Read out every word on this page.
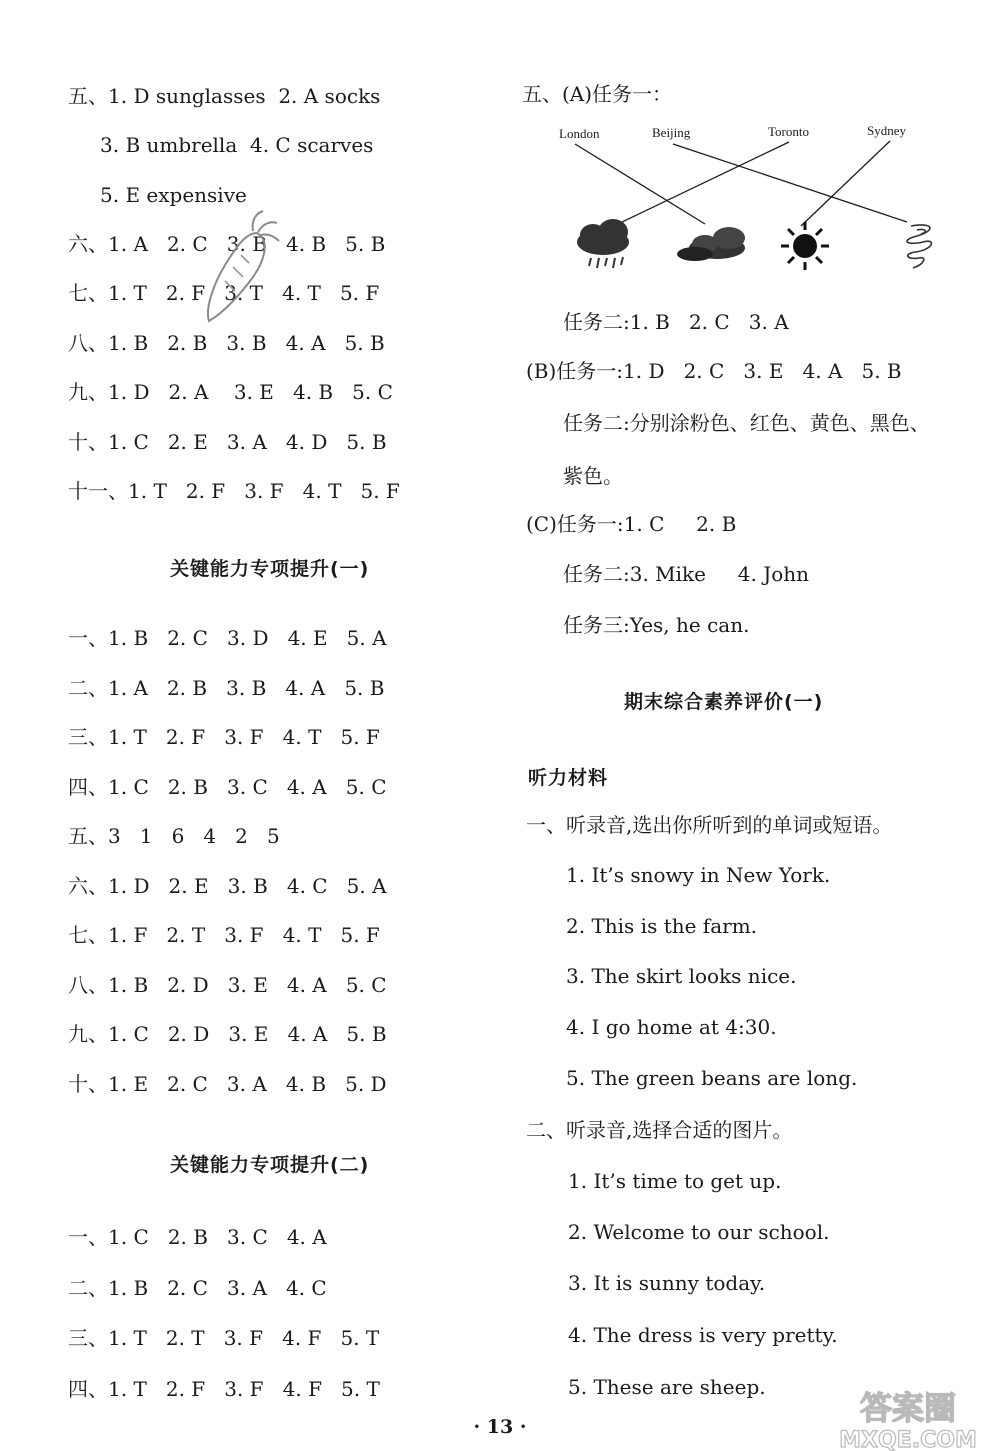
五、1. D sunglasses  2. A socks
3. B umbrella  4. C scarves
5. E expensive
六、1. A   2. C   3. B   4. B   5. B
七、1. T   2. F   3. T   4. T   5. F
八、1. B   2. B   3. B   4. A   5. B
九、1. D   2. A    3. E   4. B   5. C
十、1. C   2. E   3. A   4. D   5. B
十一、1. T   2. F   3. F   4. T   5. F
关键能力专项提升(一)
一、1. B   2. C   3. D   4. E   5. A
二、1. A   2. B   3. B   4. A   5. B
三、1. T   2. F   3. F   4. T   5. F
四、1. C   2. B   3. C   4. A   5. C
五、3   1   6   4   2   5
六、1. D   2. E   3. B   4. C   5. A
七、1. F   2. T   3. F   4. T   5. F
八、1. B   2. D   3. E   4. A   5. C
九、1. C   2. D   3. E   4. A   5. B
十、1. E   2. C   3. A   4. B   5. D
关键能力专项提升(二)
一、1. C   2. B   3. C   4. A
二、1. B   2. C   3. A   4. C
三、1. T   2. T   3. F   4. F   5. T
四、1. T   2. F   3. F   4. F   5. T
五、(A)任务一：
London	Beijing	Toronto	Sydney
任务二:1. B   2. C   3. A
(B)任务一:1. D   2. C   3. E   4. A   5. B
任务二:分别涂粉色、红色、黄色、黑色、
紫色。
(C)任务一:1. C     2. B
任务二:3. Mike     4. John
任务三:Yes, he can.
期末综合素养评价(一)
听力材料
一、听录音,选出你所听到的单词或短语。
1. It’s snowy in New York.
2. This is the farm.
3. The skirt looks nice.
4. I go home at 4:30.
5. The green beans are long.
二、听录音,选择合适的图片。
1. It’s time to get up.
2. Welcome to our school.
3. It is sunny today.
4. The dress is very pretty.
5. These are sheep.
· 13 ·	答案圈
MXQE.COM
